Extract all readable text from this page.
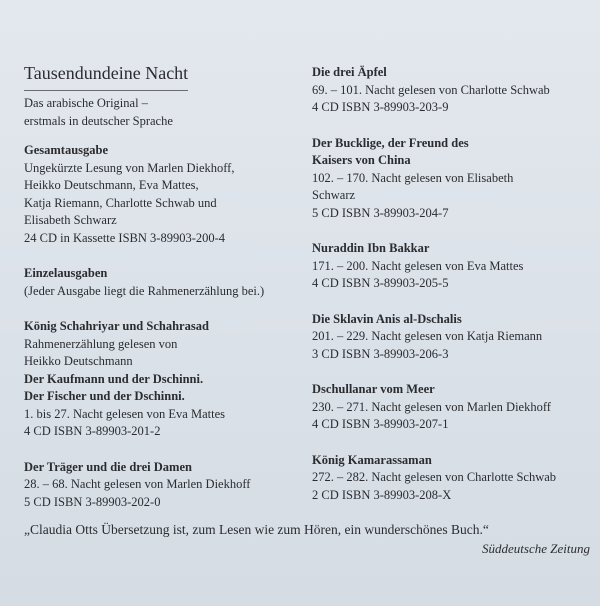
Tausendundeine Nacht
Das arabische Original –
erstmals in deutscher Sprache
Gesamtausgabe
Ungekürzte Lesung von Marlen Diekhoff,
Heikko Deutschmann, Eva Mattes,
Katja Riemann, Charlotte Schwab und
Elisabeth Schwarz
24 CD in Kassette ISBN 3-89903-200-4
Einzelausgaben
(Jeder Ausgabe liegt die Rahmenerzählung bei.)
König Schahriyar und Schahrasad
Rahmenerzählung gelesen von
Heikko Deutschmann
Der Kaufmann und der Dschinni.
Der Fischer und der Dschinni.
1. bis 27. Nacht gelesen von Eva Mattes
4 CD ISBN 3-89903-201-2
Der Träger und die drei Damen
28. – 68. Nacht gelesen von Marlen Diekhoff
5 CD ISBN 3-89903-202-0
Die drei Äpfel
69. – 101. Nacht gelesen von Charlotte Schwab
4 CD ISBN 3-89903-203-9
Der Bucklige, der Freund des
Kaisers von China
102. – 170. Nacht gelesen von Elisabeth
Schwarz
5 CD ISBN 3-89903-204-7
Nuraddin Ibn Bakkar
171. – 200. Nacht gelesen von Eva Mattes
4 CD ISBN 3-89903-205-5
Die Sklavin Anis al-Dschalis
201. – 229. Nacht gelesen von Katja Riemann
3 CD ISBN 3-89903-206-3
Dschullanar vom Meer
230. – 271. Nacht gelesen von Marlen Diekhoff
4 CD ISBN 3-89903-207-1
König Kamarassaman
272. – 282. Nacht gelesen von Charlotte Schwab
2 CD ISBN 3-89903-208-X
„Claudia Otts Übersetzung ist, zum Lesen wie zum Hören, ein wunderschönes Buch.“
Süddeutsche Zeitung
